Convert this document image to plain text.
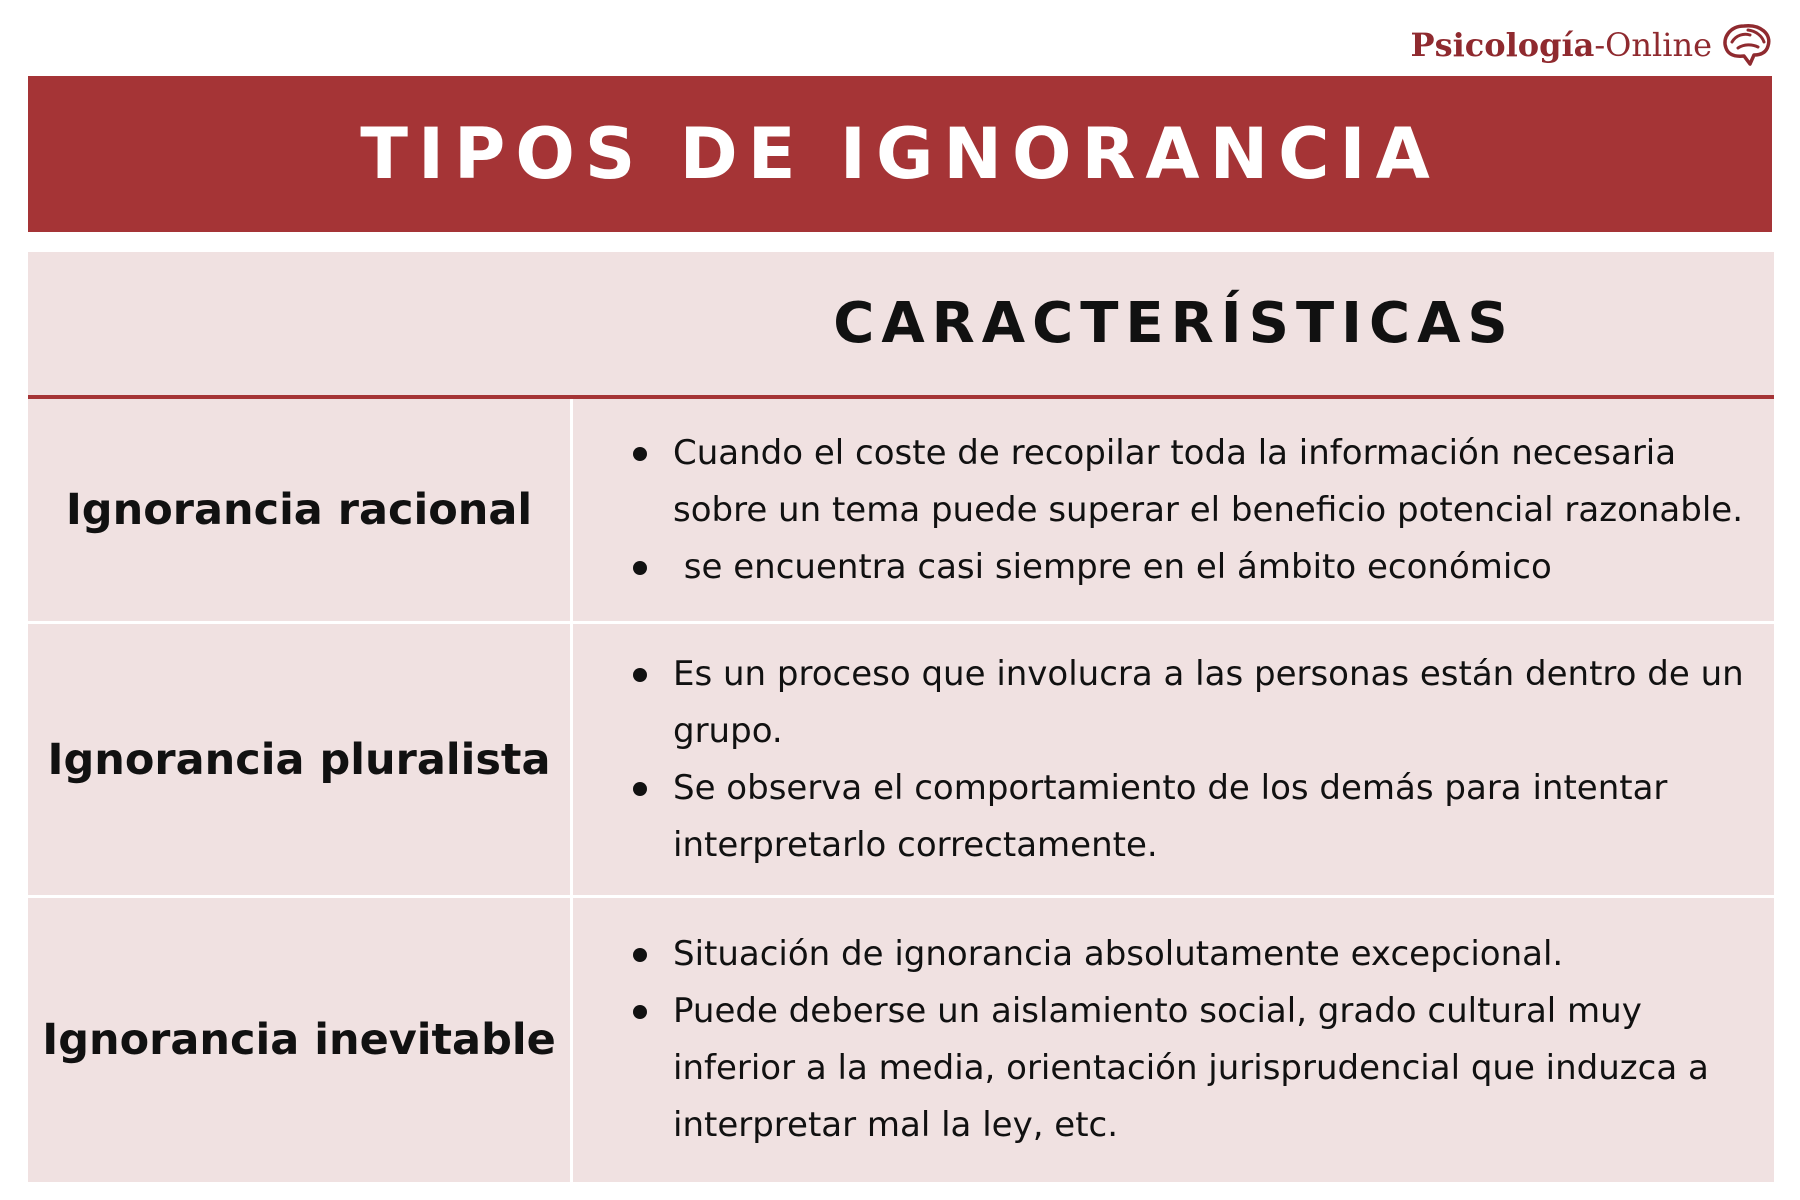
Psicología-Online
TIPOS DE IGNORANCIA
CARACTERÍSTICAS
Ignorancia racional
Cuando el coste de recopilar toda la información necesaria sobre un tema puede superar el beneficio potencial razonable.
se encuentra casi siempre en el ámbito económico
Ignorancia pluralista
Es un proceso que involucra a las personas están dentro de un grupo.
Se observa el comportamiento de los demás para intentar interpretarlo correctamente.
Ignorancia inevitable
Situación de ignorancia absolutamente excepcional.
Puede deberse un aislamiento social, grado cultural muy inferior a la media, orientación jurisprudencial que induzca a interpretar mal la ley, etc.
